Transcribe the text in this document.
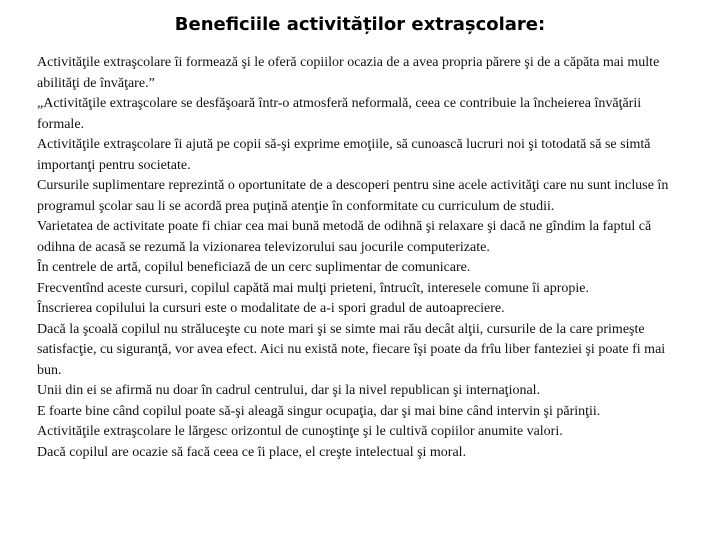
Beneficiile activităților extrașcolare:

Activităţile extraşcolare îi formează şi le oferă copiilor ocazia de a avea propria părere şi de a căpăta mai multe abilităţi de învăţare.”

„Activităţile extraşcolare se desfăşoară într-o atmosferă neformală, ceea ce contribuie la încheierea învăţării formale.

Activităţile extraşcolare îi ajută pe copii să-şi exprime emoţiile, să cunoască lucruri noi şi totodată să se simtă importanţi pentru societate.

Cursurile suplimentare reprezintă o oportunitate de a descoperi pentru sine acele activităţi care nu sunt incluse în programul şcolar sau li se acordă prea puţină atenţie în conformitate cu curriculum de studii.

Varietatea de activitate poate fi chiar cea mai bună metodă de odihnă şi relaxare şi dacă ne gîndim la faptul că odihna de acasă se rezumă la vizionarea televizorului sau jocurile computerizate.

În centrele de artă, copilul beneficiază de un cerc suplimentar de comunicare.

Frecventînd aceste cursuri, copilul capătă mai mulţi prieteni, întrucît, interesele comune îi apropie.

Înscrierea copilului la cursuri este o modalitate de a-i spori gradul de autoapreciere.

Dacă la şcoală copilul nu străluceşte cu note mari şi se simte mai rău decât alţii, cursurile de la care primeşte satisfacţie, cu siguranţă, vor avea efect. Aici nu există note, fiecare îşi poate da frîu liber fanteziei şi poate fi mai bun.

Unii din ei se afirmă nu doar în cadrul centrului, dar şi la nivel republican şi internaţional.

E foarte bine când copilul poate să-şi aleagă singur ocupaţia, dar şi mai bine când intervin şi părinţii.

Activităţile extraşcolare le lărgesc orizontul de cunoştinţe şi le cultivă copiilor anumite valori.

Dacă copilul are ocazie să facă ceea ce îi place, el creşte intelectual şi moral.
